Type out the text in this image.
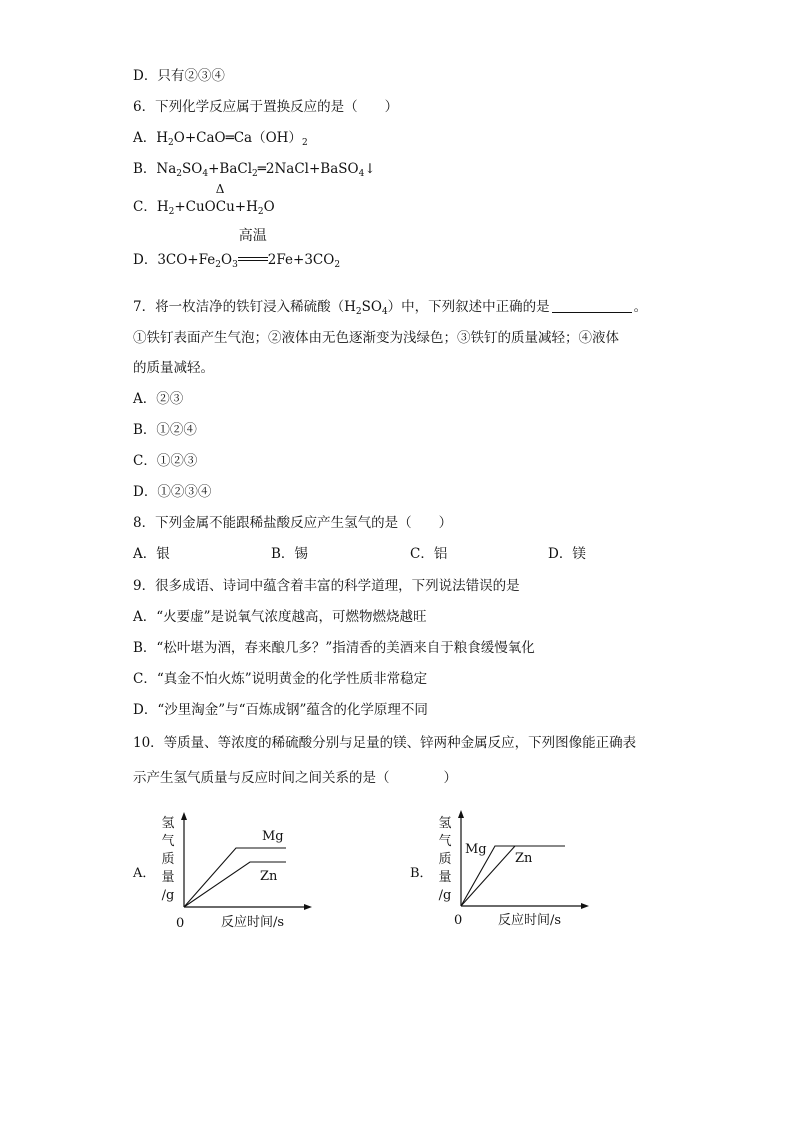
D．只有②③④
6．下列化学反应属于置换反应的是（　　）
A．$H_2O+CaO═Ca(OH)_2$
B．$Na_2SO_4+BaCl_2═2NaCl+BaSO_4↓$
C．$H_2+CuO$
Δ
$Cu+H_2O$
D．$3CO+Fe_2O_3$
高温
$2Fe+3CO_2$
7．将一枚洁净的铁钉浸入稀硫酸$(H_2SO_4)$中，下列叙述中正确的是	。
①铁钉表面产生气泡；②液体由无色逐渐变为浅绿色；③铁钉的质量减轻；④液体
的质量减轻。
A．②③
B．①②④
C．①②③
D．①②③④
8．下列金属不能跟稀盐酸反应产生氢气的是（　　）
A．银	B．锡	C．铝	D．镁
9．很多成语、诗词中蕴含着丰富的科学道理，下列说法错误的是
A．“火要虚”是说氧气浓度越高，可燃物燃烧越旺
B．“松叶堪为酒，春来酿几多？”指清香的美酒来自于粮食缓慢氧化
C．“真金不怕火炼”说明黄金的化学性质非常稳定
D．“沙里淘金”与“百炼成钢”蕴含的化学原理不同
10．等质量、等浓度的稀硫酸分别与足量的镁、锌两种金属反应，下列图像能正确表
示产生氢气质量与反应时间之间关系的是（　　　　）
A．
氢
气
质
量
/g
Mg
Zn
0	反应时间/s
B．
氢
气
质
量
/g
Mg
Zn
0	反应时间/s
